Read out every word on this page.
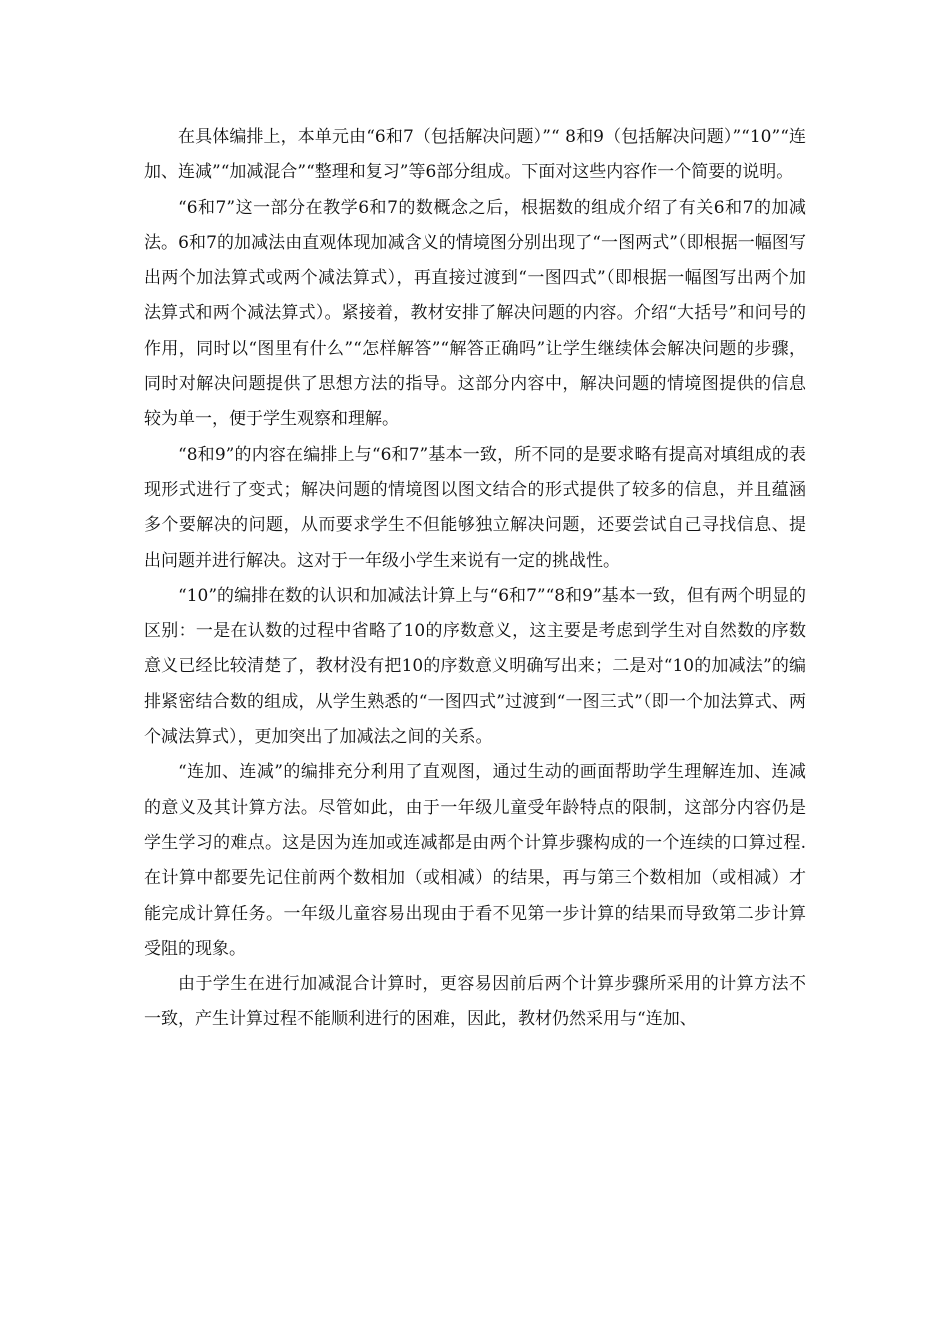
在具体编排上，本单元由“6和7（包括解决问题）”“ 8和9（包括解决问题）”“10”“连加、连减”“加减混合”“整理和复习”等6部分组成。下面对这些内容作一个简要的说明。

“6和7”这一部分在教学6和7的数概念之后，根据数的组成介绍了有关6和7的加减法。6和7的加减法由直观体现加减含义的情境图分别出现了“一图两式”（即根据一幅图写出两个加法算式或两个减法算式），再直接过渡到“一图四式”（即根据一幅图写出两个加法算式和两个减法算式）。紧接着，教材安排了解决问题的内容。介绍“大括号”和问号的作用，同时以“图里有什么”“怎样解答”“解答正确吗”让学生继续体会解决问题的步骤，同时对解决问题提供了思想方法的指导。这部分内容中，解决问题的情境图提供的信息较为单一，便于学生观察和理解。

“8和9”的内容在编排上与“6和7”基本一致，所不同的是要求略有提高对填组成的表现形式进行了变式；解决问题的情境图以图文结合的形式提供了较多的信息，并且蕴涵多个要解决的问题，从而要求学生不但能够独立解决问题，还要尝试自己寻找信息、提出问题并进行解决。这对于一年级小学生来说有一定的挑战性。

“10”的编排在数的认识和加减法计算上与“6和7”“8和9”基本一致，但有两个明显的区别：一是在认数的过程中省略了10的序数意义，这主要是考虑到学生对自然数的序数意义已经比较清楚了，教材没有把10的序数意义明确写出来；二是对“10的加减法”的编排紧密结合数的组成，从学生熟悉的“一图四式”过渡到“一图三式”（即一个加法算式、两个减法算式），更加突出了加减法之间的关系。

“连加、连减”的编排充分利用了直观图，通过生动的画面帮助学生理解连加、连减的意义及其计算方法。尽管如此，由于一年级儿童受年龄特点的限制，这部分内容仍是学生学习的难点。这是因为连加或连减都是由两个计算步骤构成的一个连续的口算过程. 在计算中都要先记住前两个数相加（或相减）的结果，再与第三个数相加（或相减）才能完成计算任务。一年级儿童容易出现由于看不见第一步计算的结果而导致第二步计算受阻的现象。

由于学生在进行加减混合计算时，更容易因前后两个计算步骤所采用的计算方法不一致，产生计算过程不能顺利进行的困难，因此，教材仍然采用与“连加、
